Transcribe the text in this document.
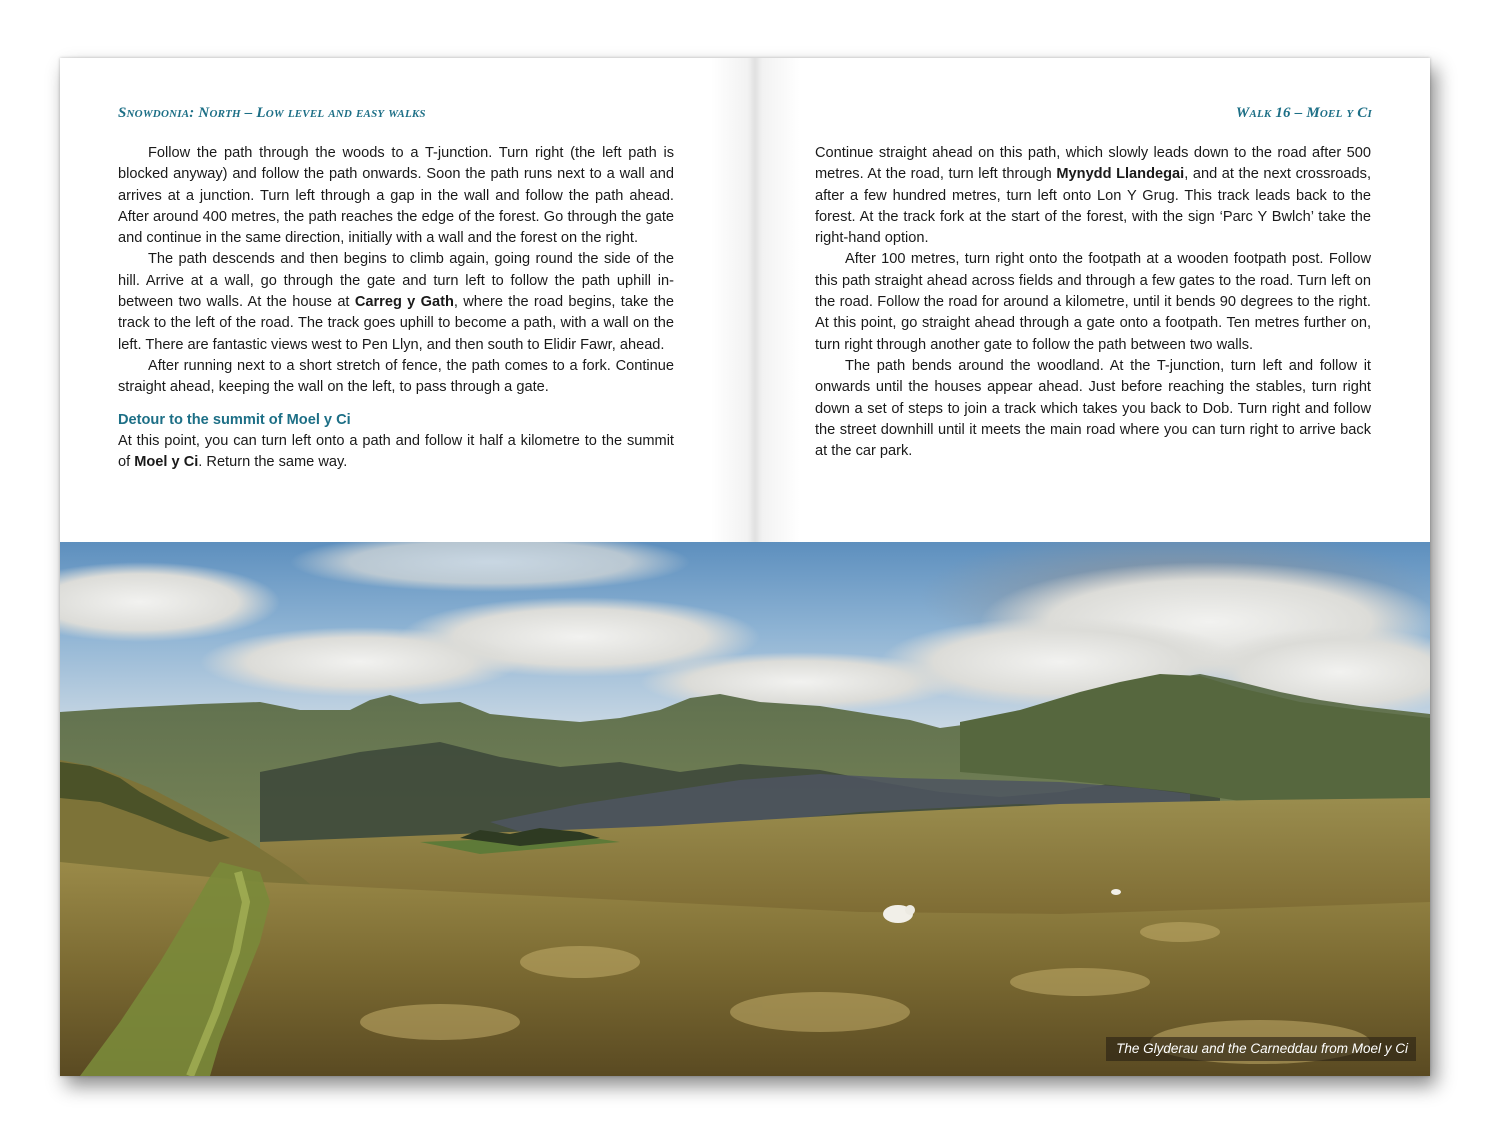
Snowdonia: North – Low level and easy walks	Walk 16 – Moel y Ci

Follow the path through the woods to a T-junction. Turn right (the left path is blocked anyway) and follow the path onwards. Soon the path runs next to a wall and arrives at a junction. Turn left through a gap in the wall and follow the path ahead. After around 400 metres, the path reaches the edge of the forest. Go through the gate and continue in the same direction, initially with a wall and the forest on the right.

The path descends and then begins to climb again, going round the side of the hill. Arrive at a wall, go through the gate and turn left to follow the path uphill in-between two walls. At the house at Carreg y Gath, where the road begins, take the track to the left of the road. The track goes uphill to become a path, with a wall on the left. There are fantastic views west to Pen Llyn, and then south to Elidir Fawr, ahead.

After running next to a short stretch of fence, the path comes to a fork. Continue straight ahead, keeping the wall on the left, to pass through a gate.

Detour to the summit of Moel y Ci

At this point, you can turn left onto a path and follow it half a kilometre to the summit of Moel y Ci. Return the same way.

Continue straight ahead on this path, which slowly leads down to the road after 500 metres. At the road, turn left through Mynydd Llandegai, and at the next crossroads, after a few hundred metres, turn left onto Lon Y Grug. This track leads back to the forest. At the track fork at the start of the forest, with the sign ‘Parc Y Bwlch’ take the right-hand option.

After 100 metres, turn right onto the footpath at a wooden footpath post. Follow this path straight ahead across fields and through a few gates to the road. Turn left on the road. Follow the road for around a kilometre, until it bends 90 degrees to the right. At this point, go straight ahead through a gate onto a footpath. Ten metres further on, turn right through another gate to follow the path between two walls.

The path bends around the woodland. At the T-junction, turn left and follow it onwards until the houses appear ahead. Just before reaching the stables, turn right down a set of steps to join a track which takes you back to Dob. Turn right and follow the street downhill until it meets the main road where you can turn right to arrive back at the car park.

The Glyderau and the Carneddau from Moel y Ci
